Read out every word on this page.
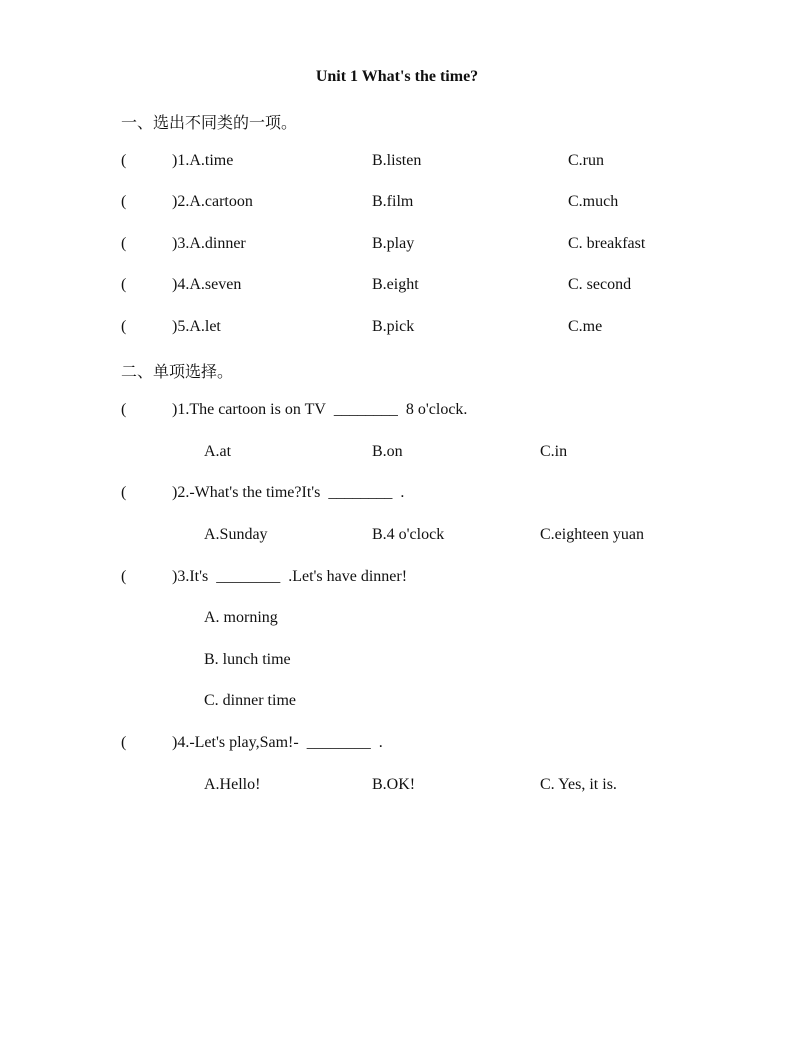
Unit 1 What's the time?
一、选出不同类的一项。
(	)1.A.time	B.listen	C.run
(	)2.A.cartoon	B.film	C.much
(	)3.A.dinner	B.play	C. breakfast
(	)4.A.seven	B.eight	C. second
(	)5.A.let	B.pick	C.me
二、单项选择。
(	)1.The cartoon is on TV ________ 8 o'clock.
A.at	B.on	C.in
(	)2.-What's the time?It's ________ .
A.Sunday	B.4 o'clock	C.eighteen yuan
(	)3.It's ________ .Let's have dinner!
A. morning
B. lunch time
C. dinner time
(	)4.-Let's play,Sam!- ________ .
A.Hello!	B.OK!	C. Yes, it is.
